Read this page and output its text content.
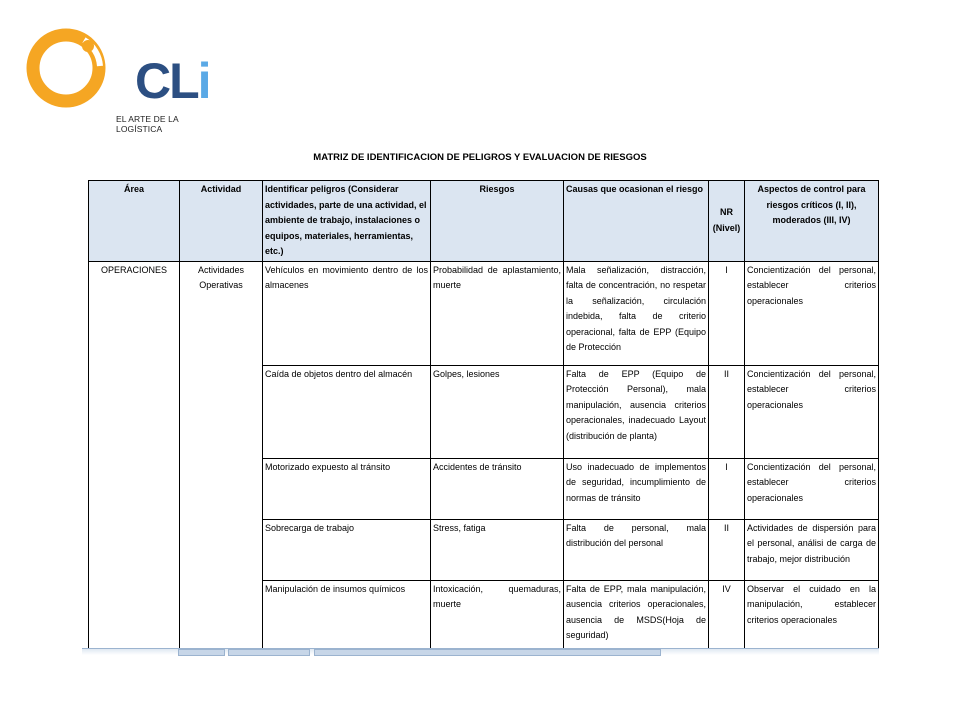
CLi
EL ARTE DE LA LOGÍSTICA
MATRIZ DE IDENTIFICACION DE PELIGROS Y EVALUACION DE RIESGOS
Área	Actividad	Identificar peligros (Considerar actividades, parte de una actividad, el ambiente de trabajo, instalaciones o equipos, materiales, herramientas, etc.)	Riesgos	Causas que ocasionan el riesgo	NR (Nivel)	Aspectos de control para riesgos críticos (I, II), moderados (III, IV)
OPERACIONES	Actividades Operativas	Vehículos en movimiento dentro de los almacenes	Probabilidad de aplastamiento, muerte	Mala señalización, distracción, falta de concentración, no respetar la señalización, circulación indebida, falta de criterio operacional, falta de EPP (Equipo de Protección	I	Concientización del personal, establecer criterios operacionales
		Caída de objetos dentro del almacén	Golpes, lesiones	Falta de EPP (Equipo de Protección Personal), mala manipulación, ausencia criterios operacionales, inadecuado Layout (distribución de planta)	II	Concientización del personal, establecer criterios operacionales
		Motorizado expuesto al tránsito	Accidentes de tránsito	Uso inadecuado de implementos de seguridad, incumplimiento de normas de tránsito	I	Concientización del personal, establecer criterios operacionales
		Sobrecarga de trabajo	Stress, fatiga	Falta de personal, mala distribución del personal	II	Actividades de dispersión para el personal, análisi de carga de trabajo, mejor distribución
		Manipulación de insumos químicos	Intoxicación, quemaduras, muerte	Falta de EPP, mala manipulación, ausencia criterios operacionales, ausencia de MSDS(Hoja de seguridad)	IV	Observar el cuidado en la manipulación, establecer criterios operacionales
